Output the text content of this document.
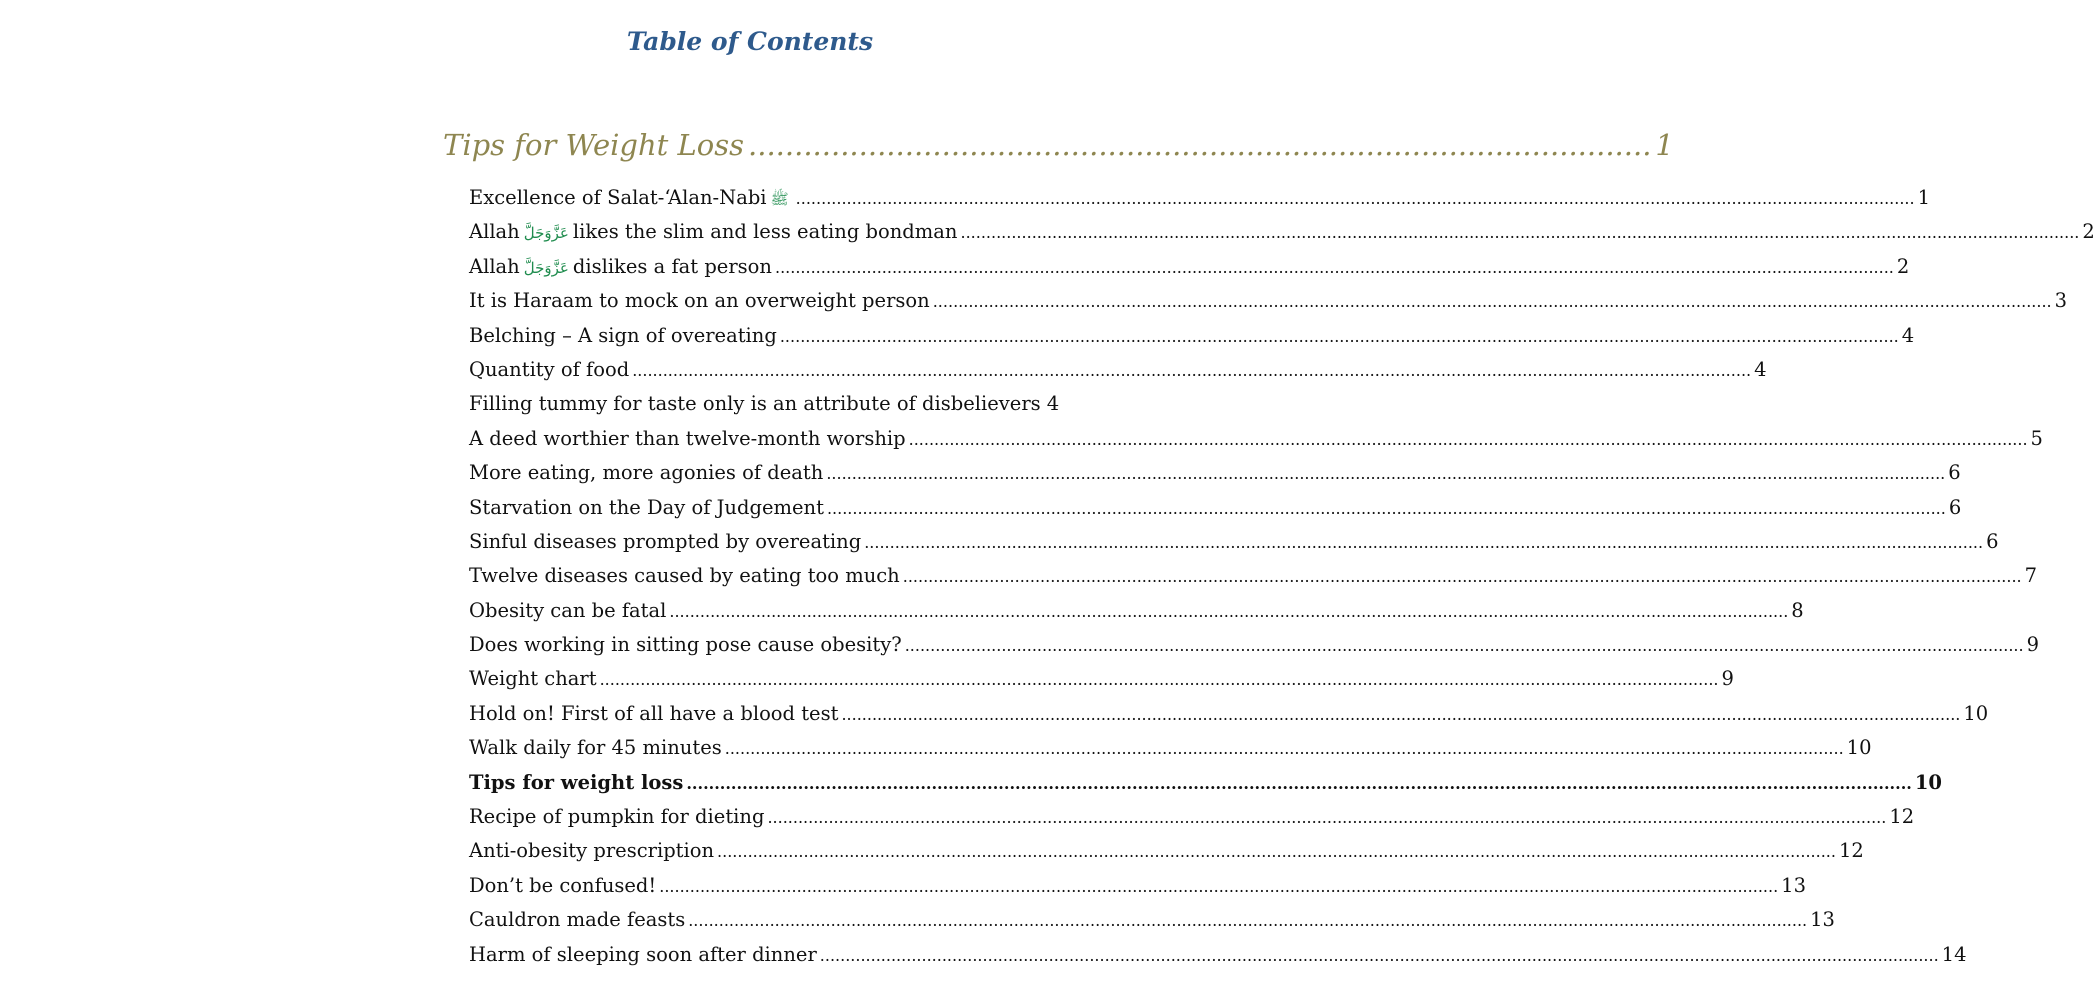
Table of Contents
Tips for Weight Loss .................................................................................................. 1
Excellence of Salat-‘Alan-Nabi ﷺ ............................................................................................................................................................................................................................ 1
Allah عَزَّوَجَلَّ likes the slim and less eating bondman ............................................................................................................................................................................................................................ 2
Allah عَزَّوَجَلَّ dislikes a fat person ............................................................................................................................................................................................................................ 2
It is Haraam to mock on an overweight person ............................................................................................................................................................................................................................ 3
Belching – A sign of overeating ............................................................................................................................................................................................................................ 4
Quantity of food ............................................................................................................................................................................................................................ 4
Filling tummy for taste only is an attribute of disbelievers 4
A deed worthier than twelve-month worship ............................................................................................................................................................................................................................ 5
More eating, more agonies of death ............................................................................................................................................................................................................................ 6
Starvation on the Day of Judgement ............................................................................................................................................................................................................................ 6
Sinful diseases prompted by overeating ............................................................................................................................................................................................................................ 6
Twelve diseases caused by eating too much ............................................................................................................................................................................................................................ 7
Obesity can be fatal ............................................................................................................................................................................................................................ 8
Does working in sitting pose cause obesity? ............................................................................................................................................................................................................................ 9
Weight chart ............................................................................................................................................................................................................................ 9
Hold on! First of all have a blood test ............................................................................................................................................................................................................................ 10
Walk daily for 45 minutes ............................................................................................................................................................................................................................ 10
Tips for weight loss ............................................................................................................................................................................................................................ 10
Recipe of pumpkin for dieting ............................................................................................................................................................................................................................ 12
Anti-obesity prescription ............................................................................................................................................................................................................................ 12
Don’t be confused! ............................................................................................................................................................................................................................ 13
Cauldron made feasts ............................................................................................................................................................................................................................ 13
Harm of sleeping soon after dinner ............................................................................................................................................................................................................................ 14
